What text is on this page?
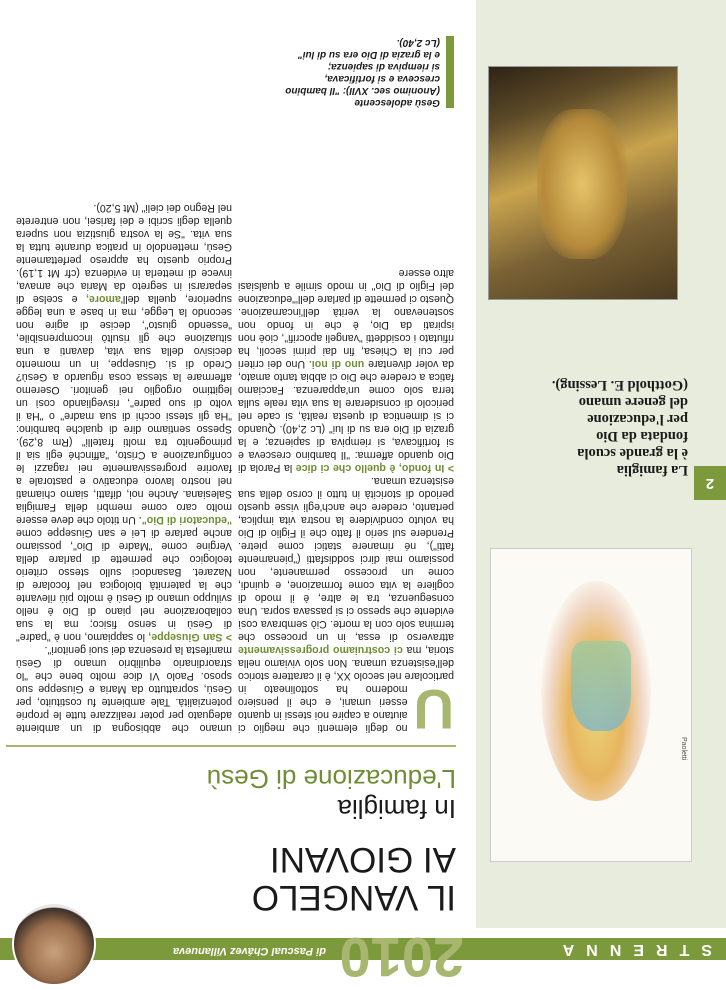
STRENNA
2010
di Pascual Chávez Villanueva
Paoletti
2
La famiglia
è la grande scuola
fondata da Dio
per l'educazione
del genere umano
(Gotthold E. Lessing).
IL VANGELO
AI GIOVANI
In famiglia
L'educazione di Gesù

U
no degli elementi che meglio ci aiutano a capire noi stessi in quanto esseri umani, e che il pensiero moderno ha sottolineato in particolare nel secolo XX, è il carattere storico dell'esistenza umana. Non solo viviamo nella storia, ma ci costruiamo progressivamente attraverso di essa, in un processo che termina solo con la morte. Ciò sembrava così evidente che spesso ci si passava sopra. Una conseguenza, tra le altre, è il modo di cogliere la vita come formazione, e quindi, come un processo permanente, non possiamo mai dirci soddisfatti ("pienamente fatti"), né rimanere statici come pietre. Prendere sul serio il fatto che il Figlio di Dio ha voluto condividere la nostra vita implica, pertanto, credere che anch'egli visse questo periodo di storicità in tutto il corso della sua esistenza umana.

> In fondo, è quello che ci dice la Parola di Dio quando afferma: "Il bambino cresceva e si fortificava, si riempiva di sapienza; e la grazia di Dio era su di lui" (Lc 2,40). Quando ci si dimentica di questa realtà, si cade nel pericolo di considerare la sua vita reale sulla terra solo come un'apparenza. Facciamo fatica a credere che Dio ci abbia tanto amato, da voler diventare uno di noi. Uno dei criteri per cui la Chiesa, fin dai primi secoli, ha rifiutato i cosiddetti "vangeli apocrifi", cioè non ispirati da Dio, è che in fondo non sostenevano la verità dell'incarnazione. Questo ci permette di parlare dell'"educazione del Figlio di Dio" in modo simile a qualsiasi altro essere

umano che abbisogna di un ambiente adeguato per poter realizzare tutte le proprie potenzialità. Tale ambiente fu costituito, per Gesù, soprattutto da Maria e Giuseppe suo sposo. Paolo VI dice molto bene che "lo straordinario equilibrio umano di Gesù manifesta la presenza dei suoi genitori".

> San Giuseppe, lo sappiamo, non è "padre" di Gesù in senso fisico; ma la sua collaborazione nel piano di Dio è nello sviluppo umano di Gesù è molto più rilevante che la paternità biologica nel focolare di Nazaret. Basandoci sullo stesso criterio teologico che permette di parlare della Vergine come "Madre di Dio", possiamo anche parlare di Lei e san Giuseppe come "educatori di Dio". Un titolo che deve essere molto caro come membri della Famiglia Salesiana. Anche noi, difatti, siamo chiamati nel nostro lavoro educativo e pastorale a favorire progressivamente nei ragazzi le configurazione a Cristo, "affinché egli sia il primogenito tra molti fratelli" (Rm 8,29). Spesso sentiamo dire di qualche bambino: "Ha gli stessi occhi di sua madre" o "Ha il volto di suo padre", risvegliando così un legittimo orgoglio nei genitori. Oseremo affermare la stessa cosa riguardo a Gesù? Credo di sì. Giuseppe, in un momento decisivo della sua vita, davanti a una situazione che gli risultò incomprensibile, "essendo giusto", decise di agire non secondo la Legge, ma in base a una legge superiore, quella dell'amore, e scelse di separarsi in segreto da Maria che amava, invece di metterla in evidenza (cfr Mt 1,19). Proprio questo ha appreso perfettamente Gesù, mettendolo in pratica durante tutta la sua vita. "Se la vostra giustizia non supera quella degli scribi e dei farisei, non entrerete nel Regno dei cieli" (Mt 5,20).

Gesù adolescente
(Anonimo sec. XVII): "Il bambino
cresceva e si fortificava,
si riempiva di sapienza;
e la grazia di Dio era su di lui"
(Lc 2,40).
